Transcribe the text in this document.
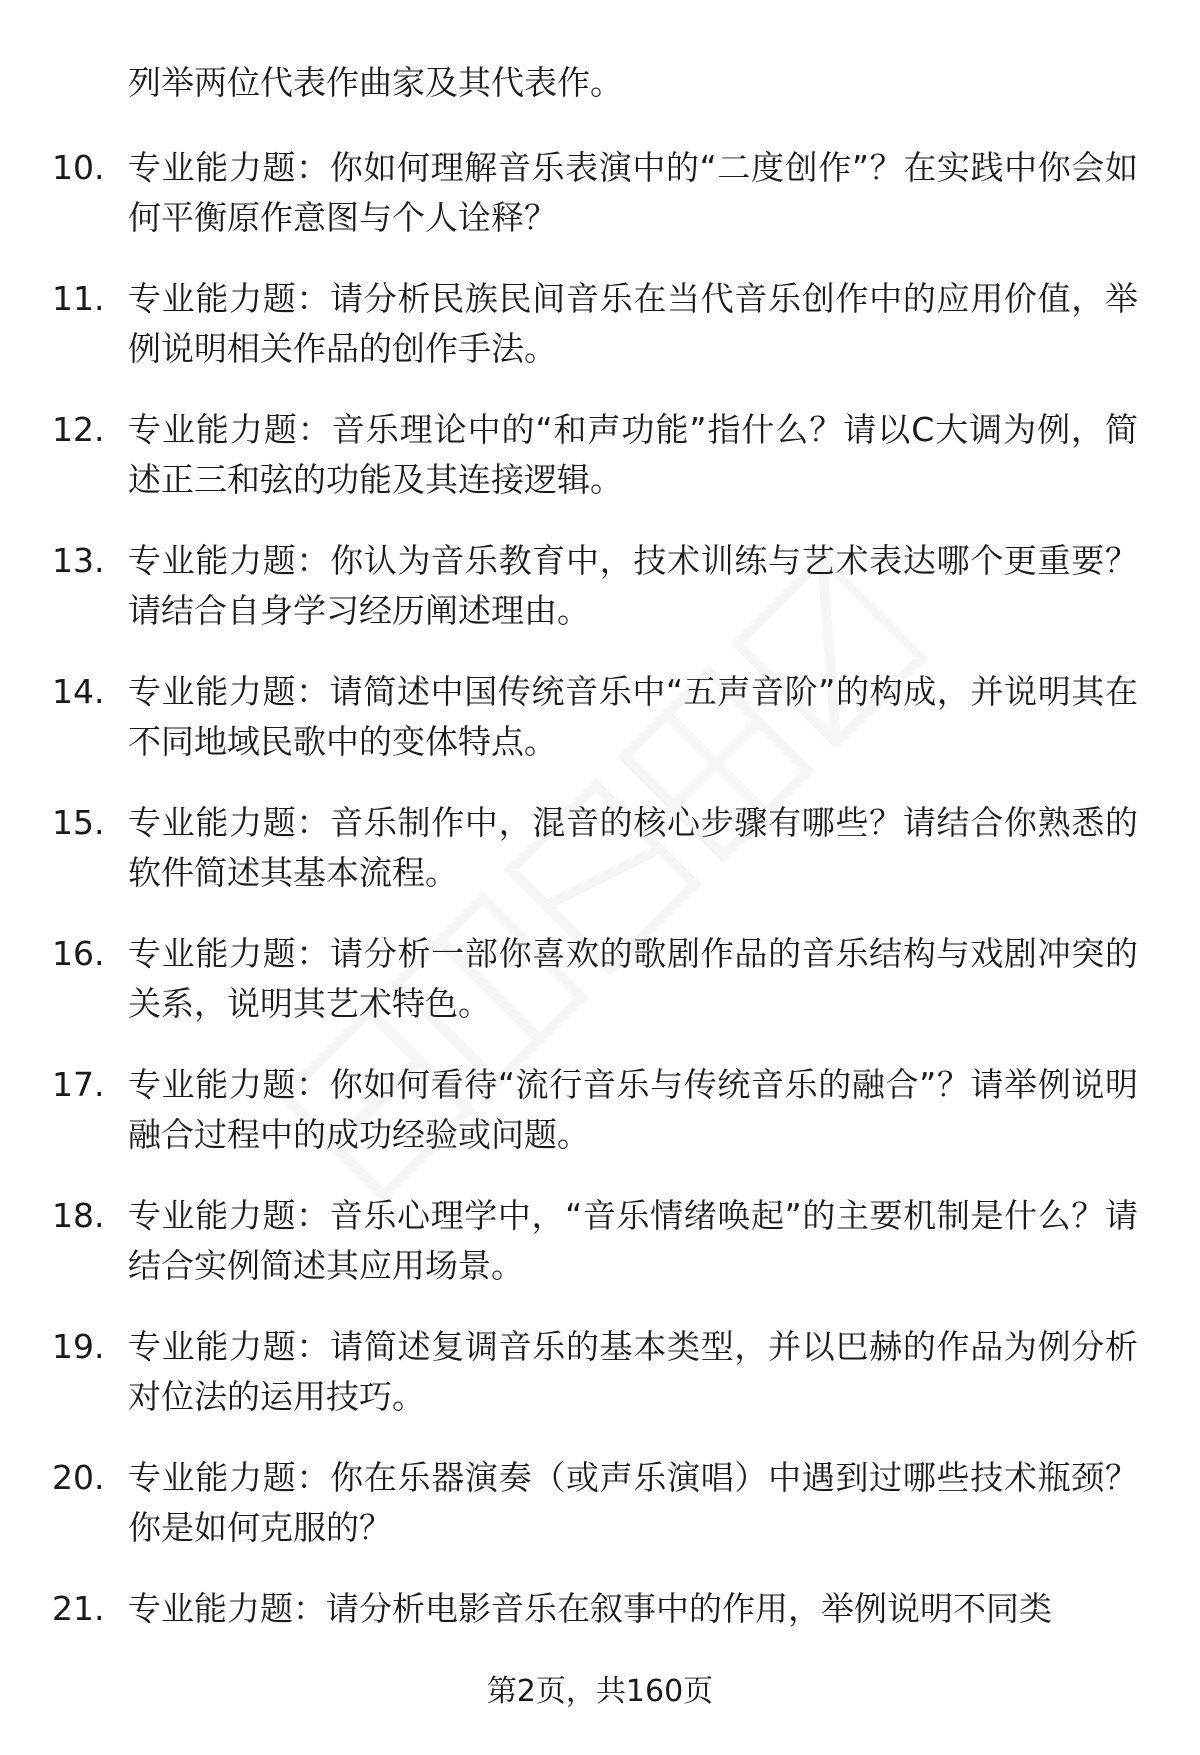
列举两位代表作曲家及其代表作。

10. 专业能力题：你如何理解音乐表演中的“二度创作”？在实践中你会如何平衡原作意图与个人诠释？
11. 专业能力题：请分析民族民间音乐在当代音乐创作中的应用价值，举例说明相关作品的创作手法。
12. 专业能力题：音乐理论中的“和声功能”指什么？请以C大调为例，简述正三和弦的功能及其连接逻辑。
13. 专业能力题：你认为音乐教育中，技术训练与艺术表达哪个更重要？请结合自身学习经历阐述理由。
14. 专业能力题：请简述中国传统音乐中“五声音阶”的构成，并说明其在不同地域民歌中的变体特点。
15. 专业能力题：音乐制作中，混音的核心步骤有哪些？请结合你熟悉的软件简述其基本流程。
16. 专业能力题：请分析一部你喜欢的歌剧作品的音乐结构与戏剧冲突的关系，说明其艺术特色。
17. 专业能力题：你如何看待“流行音乐与传统音乐的融合”？请举例说明融合过程中的成功经验或问题。
18. 专业能力题：音乐心理学中，“音乐情绪唤起”的主要机制是什么？请结合实例简述其应用场景。
19. 专业能力题：请简述复调音乐的基本类型，并以巴赫的作品为例分析对位法的运用技巧。
20. 专业能力题：你在乐器演奏（或声乐演唱）中遇到过哪些技术瓶颈？你是如何克服的？
21. 专业能力题：请分析电影音乐在叙事中的作用，举例说明不同类
第2页，共160页
